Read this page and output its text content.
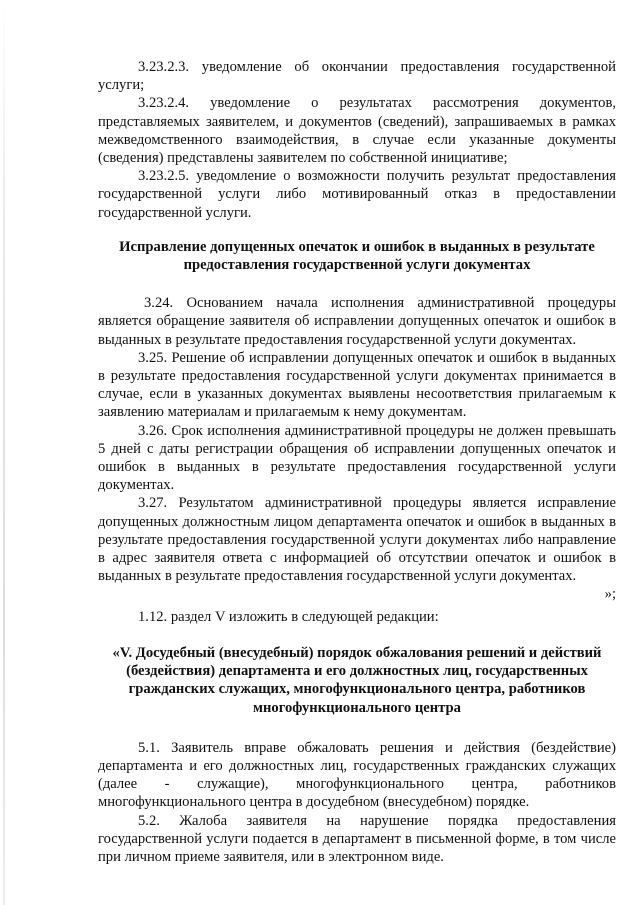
3.23.2.3. уведомление об окончании предоставления государственной услуги;

3.23.2.4. уведомление о результатах рассмотрения документов, представляемых заявителем, и документов (сведений), запрашиваемых в рамках межведомственного взаимодействия, в случае если указанные документы (сведения) представлены заявителем по собственной инициативе;

3.23.2.5. уведомление о возможности получить результат предоставления государственной услуги либо мотивированный отказ в предоставлении государственной услуги.

Исправление допущенных опечаток и ошибок в выданных в результате предоставления государственной услуги документах

3.24. Основанием начала исполнения административной процедуры является обращение заявителя об исправлении допущенных опечаток и ошибок в выданных в результате предоставления государственной услуги документах.

3.25. Решение об исправлении допущенных опечаток и ошибок в выданных в результате предоставления государственной услуги документах принимается в случае, если в указанных документах выявлены несоответствия прилагаемым к заявлению материалам и прилагаемым к нему документам.

3.26. Срок исполнения административной процедуры не должен превышать 5 дней с даты регистрации обращения об исправлении допущенных опечаток и ошибок в выданных в результате предоставления государственной услуги документах.

3.27. Результатом административной процедуры является исправление допущенных должностным лицом департамента опечаток и ошибок в выданных в результате предоставления государственной услуги документах либо направление в адрес заявителя ответа с информацией об отсутствии опечаток и ошибок в выданных в результате предоставления государственной услуги документах.

»;

1.12. раздел V изложить в следующей редакции:

«V. Досудебный (внесудебный) порядок обжалования решений и действий (бездействия) департамента и его должностных лиц, государственных гражданских служащих, многофункционального центра, работников многофункционального центра

5.1. Заявитель вправе обжаловать решения и действия (бездействие) департамента и его должностных лиц, государственных гражданских служащих (далее - служащие), многофункционального центра, работников многофункционального центра в досудебном (внесудебном) порядке.

5.2. Жалоба заявителя на нарушение порядка предоставления государственной услуги подается в департамент в письменной форме, в том числе при личном приеме заявителя, или в электронном виде.
